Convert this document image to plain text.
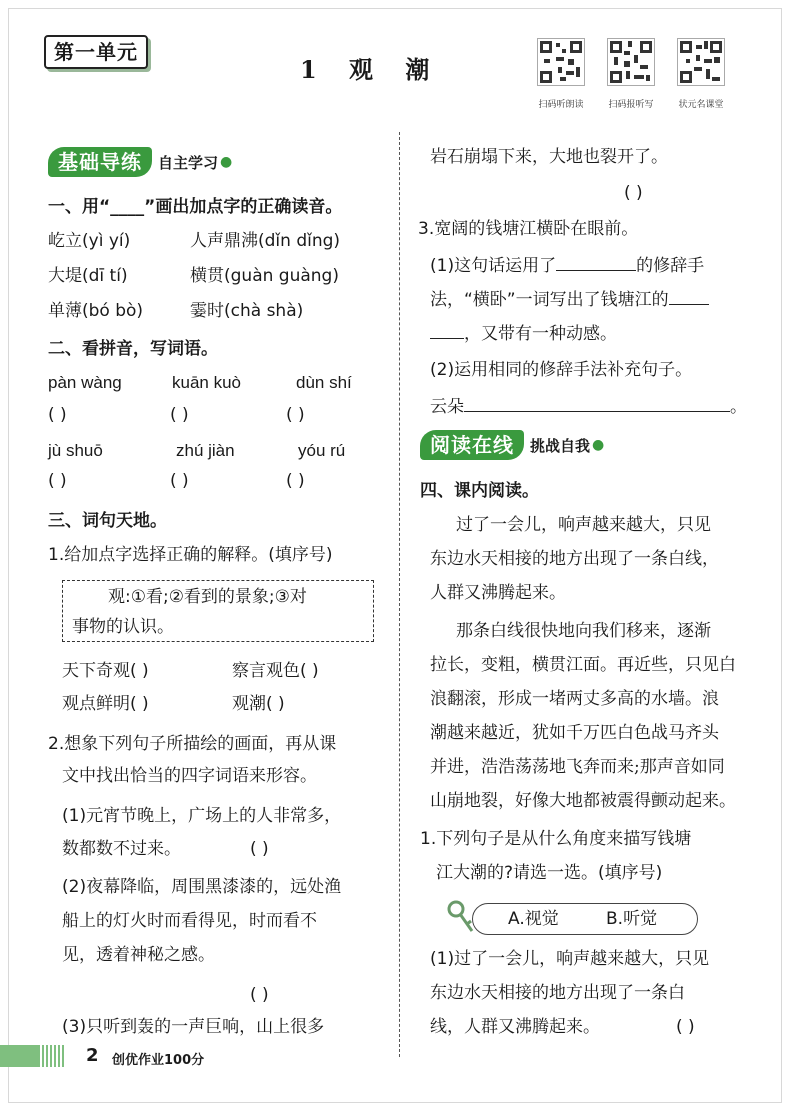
第一单元
1 观 潮
扫码听朗读	扫码报听写	状元名课堂
基础导练	自主学习 ●
一、用“____”画出加点字的正确读音。
屹立(yì yí)	人声鼎沸(dǐn dǐng)
大堤(dī tí)	横贯(guàn guàng)
单薄(bó bò)	霎时(chà shà)
二、看拼音，写词语。
pàn wàng	kuān kuò	dùn shí
( )	( )	( )
jù shuō	zhú jiàn	yóu rú
( )	( )	( )
三、词句天地。
1.给加点字选择正确的解释。(填序号)
观:①看;②看到的景象;③对
事物的认识。
天下奇观( )	察言观色( )
观点鲜明( )	观潮( )
2.想象下列句子所描绘的画面，再从课
文中找出恰当的四字词语来形容。
(1)元宵节晚上，广场上的人非常多，
数都数不过来。	( )
(2)夜幕降临，周围黑漆漆的，远处渔
船上的灯火时而看得见，时而看不
见，透着神秘之感。
( )
(3)只听到轰的一声巨响，山上很多
岩石崩塌下来，大地也裂开了。
( )
3.宽阔的钱塘江横卧在眼前。
(1)这句话运用了	的修辞手
法，“横卧”一词写出了钱塘江的
，又带有一种动感。
(2)运用相同的修辞手法补充句子。
云朵	。
阅读在线	挑战自我 ●
四、课内阅读。
过了一会儿，响声越来越大，只见
东边水天相接的地方出现了一条白线，
人群又沸腾起来。
那条白线很快地向我们移来，逐渐
拉长，变粗，横贯江面。再近些，只见白
浪翻滚，形成一堵两丈多高的水墙。浪
潮越来越近，犹如千万匹白色战马齐头
并进，浩浩荡荡地飞奔而来;那声音如同
山崩地裂，好像大地都被震得颤动起来。
1.下列句子是从什么角度来描写钱塘
江大潮的?请选一选。(填序号)
A.视觉	B.听觉
(1)过了一会儿，响声越来越大，只见
东边水天相接的地方出现了一条白
线，人群又沸腾起来。	( )
2 创优作业100分
